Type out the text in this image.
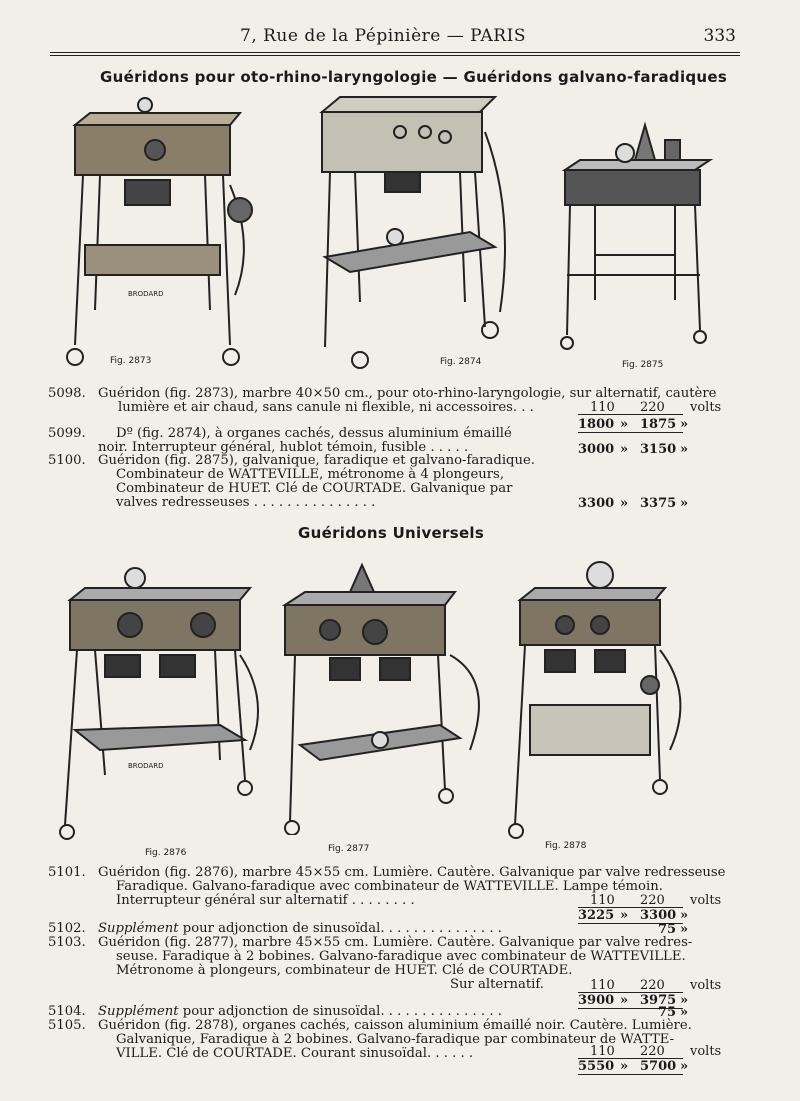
7, Rue de la Pépinière — PARIS	333
Guéridons pour oto-rhino-laryngologie — Guéridons galvano-faradiques
Fig. 2873
BRODARD
Fig. 2874	Fig. 2875
5098. Guéridon (fig. 2873), marbre 40×50 cm., pour oto-rhino-laryngologie, sur alternatif, cautère
lumière et air chaud, sans canule ni flexible, ni accessoires. . .	110 220 volts
1800 » 1875 »
5099.	Dº (fig. 2874), à organes cachés, dessus aluminium émaillé
noir. Interrupteur général, hublot témoin, fusible . . . . .	3000 » 3150 »
5100. Guéridon (fig. 2875), galvanique, faradique et galvano-faradique.
Combinateur de WATTEVILLE, métronome à 4 plongeurs,
Combinateur de HUET. Clé de COURTADE. Galvanique par
valves redresseuses . . . . . . . . . . . . . . .	3300 » 3375 »
Guéridons Universels
Fig. 2876
BRODARD
Fig. 2877	Fig. 2878
5101. Guéridon (fig. 2876), marbre 45×55 cm. Lumière. Cautère. Galvanique par valve redresseuse
Faradique. Galvano-faradique avec combinateur de WATTEVILLE. Lampe témoin.
Interrupteur général sur alternatif . . . . . . . .	110 220 volts
3225 » 3300 »
5102. Supplément pour adjonction de sinusoïdal. . . . . . . . . . . . . . .	75 »
5103. Guéridon (fig. 2877), marbre 45×55 cm. Lumière. Cautère. Galvanique par valve redres-
seuse. Faradique à 2 bobines. Galvano-faradique avec combinateur de WATTEVILLE.
Métronome à plongeurs, combinateur de HUET. Clé de COURTADE.
Sur alternatif.	110 220 volts
3900 » 3975 »
5104. Supplément pour adjonction de sinusoïdal. . . . . . . . . . . . . . .	75 »
5105. Guéridon (fig. 2878), organes cachés, caisson aluminium émaillé noir. Cautère. Lumière.
Galvanique, Faradique à 2 bobines. Galvano-faradique par combinateur de WATTE-
VILLE. Clé de COURTADE. Courant sinusoïdal. . . . . .	110 220 volts
5550 » 5700 »
